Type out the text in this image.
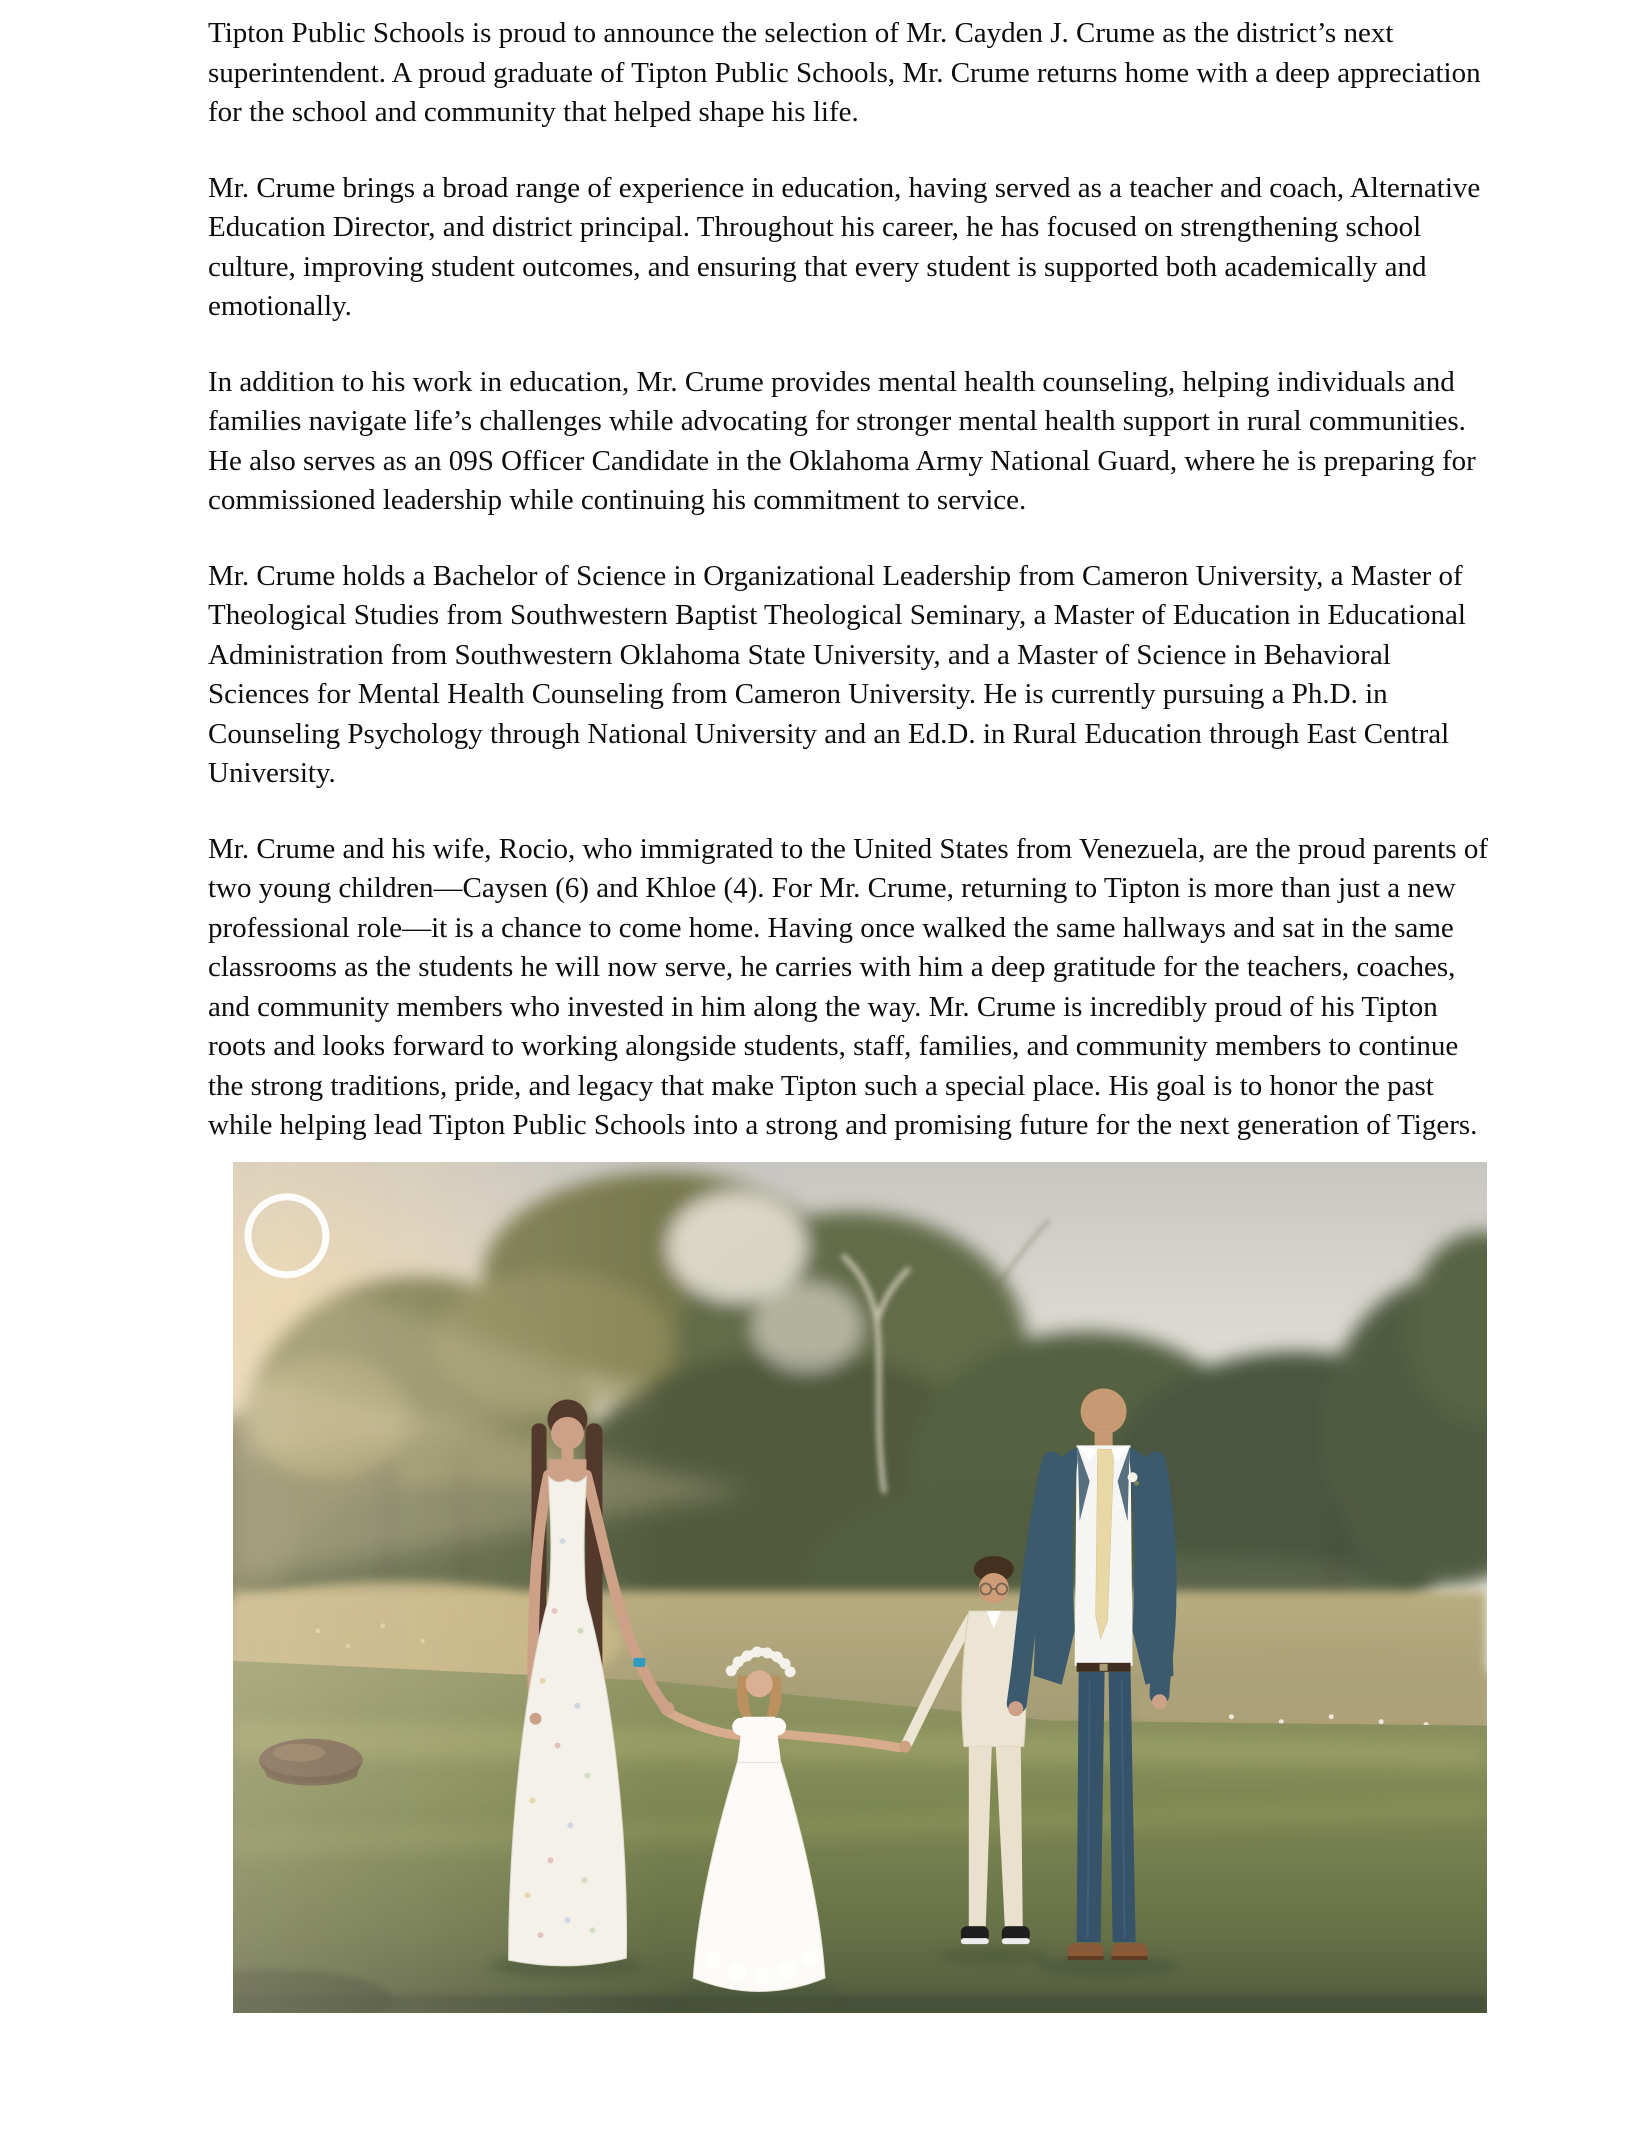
Tipton Public Schools is proud to announce the selection of Mr. Cayden J. Crume as the district’s next superintendent. A proud graduate of Tipton Public Schools, Mr. Crume returns home with a deep appreciation for the school and community that helped shape his life.

Mr. Crume brings a broad range of experience in education, having served as a teacher and coach, Alternative Education Director, and district principal. Throughout his career, he has focused on strengthening school culture, improving student outcomes, and ensuring that every student is supported both academically and emotionally.

In addition to his work in education, Mr. Crume provides mental health counseling, helping individuals and families navigate life’s challenges while advocating for stronger mental health support in rural communities. He also serves as an 09S Officer Candidate in the Oklahoma Army National Guard, where he is preparing for commissioned leadership while continuing his commitment to service.

Mr. Crume holds a Bachelor of Science in Organizational Leadership from Cameron University, a Master of Theological Studies from Southwestern Baptist Theological Seminary, a Master of Education in Educational Administration from Southwestern Oklahoma State University, and a Master of Science in Behavioral Sciences for Mental Health Counseling from Cameron University. He is currently pursuing a Ph.D. in Counseling Psychology through National University and an Ed.D. in Rural Education through East Central University.

Mr. Crume and his wife, Rocio, who immigrated to the United States from Venezuela, are the proud parents of two young children—Caysen (6) and Khloe (4). For Mr. Crume, returning to Tipton is more than just a new professional role—it is a chance to come home. Having once walked the same hallways and sat in the same classrooms as the students he will now serve, he carries with him a deep gratitude for the teachers, coaches, and community members who invested in him along the way. Mr. Crume is incredibly proud of his Tipton roots and looks forward to working alongside students, staff, families, and community members to continue the strong traditions, pride, and legacy that make Tipton such a special place. His goal is to honor the past while helping lead Tipton Public Schools into a strong and promising future for the next generation of Tigers.
